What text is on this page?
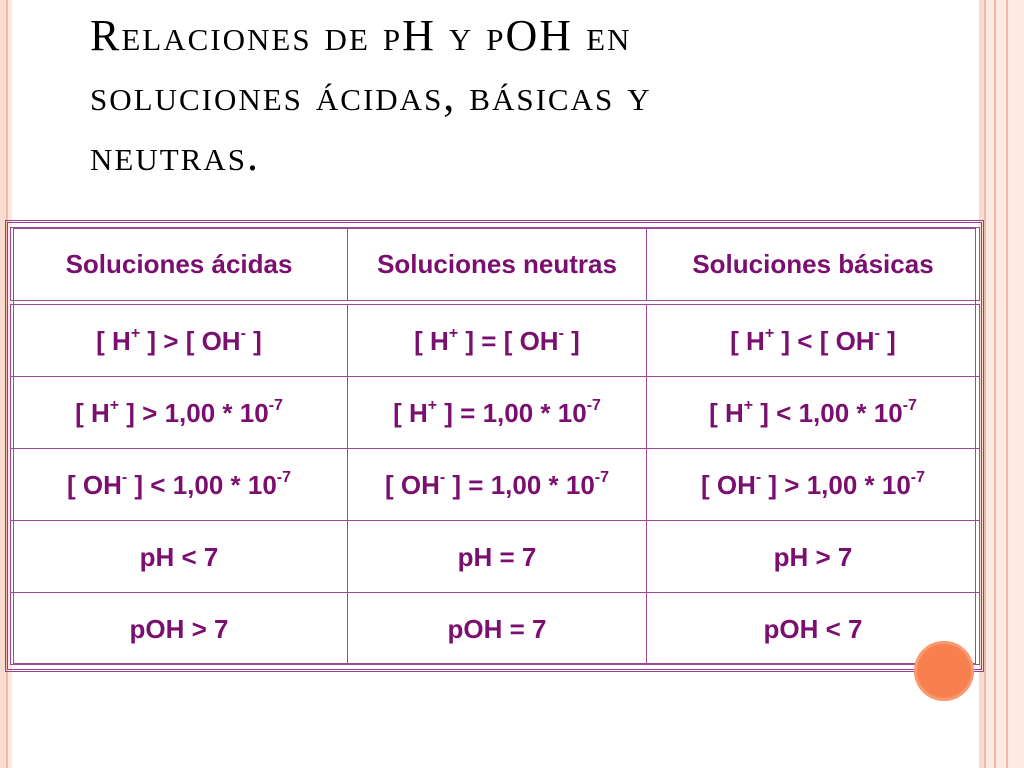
Relaciones de pH y pOH en
soluciones ácidas, básicas y
neutras.
Soluciones ácidas	Soluciones neutras	Soluciones básicas

[ H+ ] > [ OH- ]	[ H+ ] = [ OH- ]	[ H+ ] < [ OH- ]
[ H+ ] > $1,00 * 10^{-7}$	[ H+ ] = $1,00 * 10^{-7}$	[ H+ ] < $1,00 * 10^{-7}$
[ OH- ] < $1,00 * 10^{-7}$	[ OH- ] = $1,00 * 10^{-7}$	[ OH- ] > $1,00 * 10^{-7}$
pH < 7	pH = 7	pH > 7
pOH > 7	pOH = 7	pOH < 7
